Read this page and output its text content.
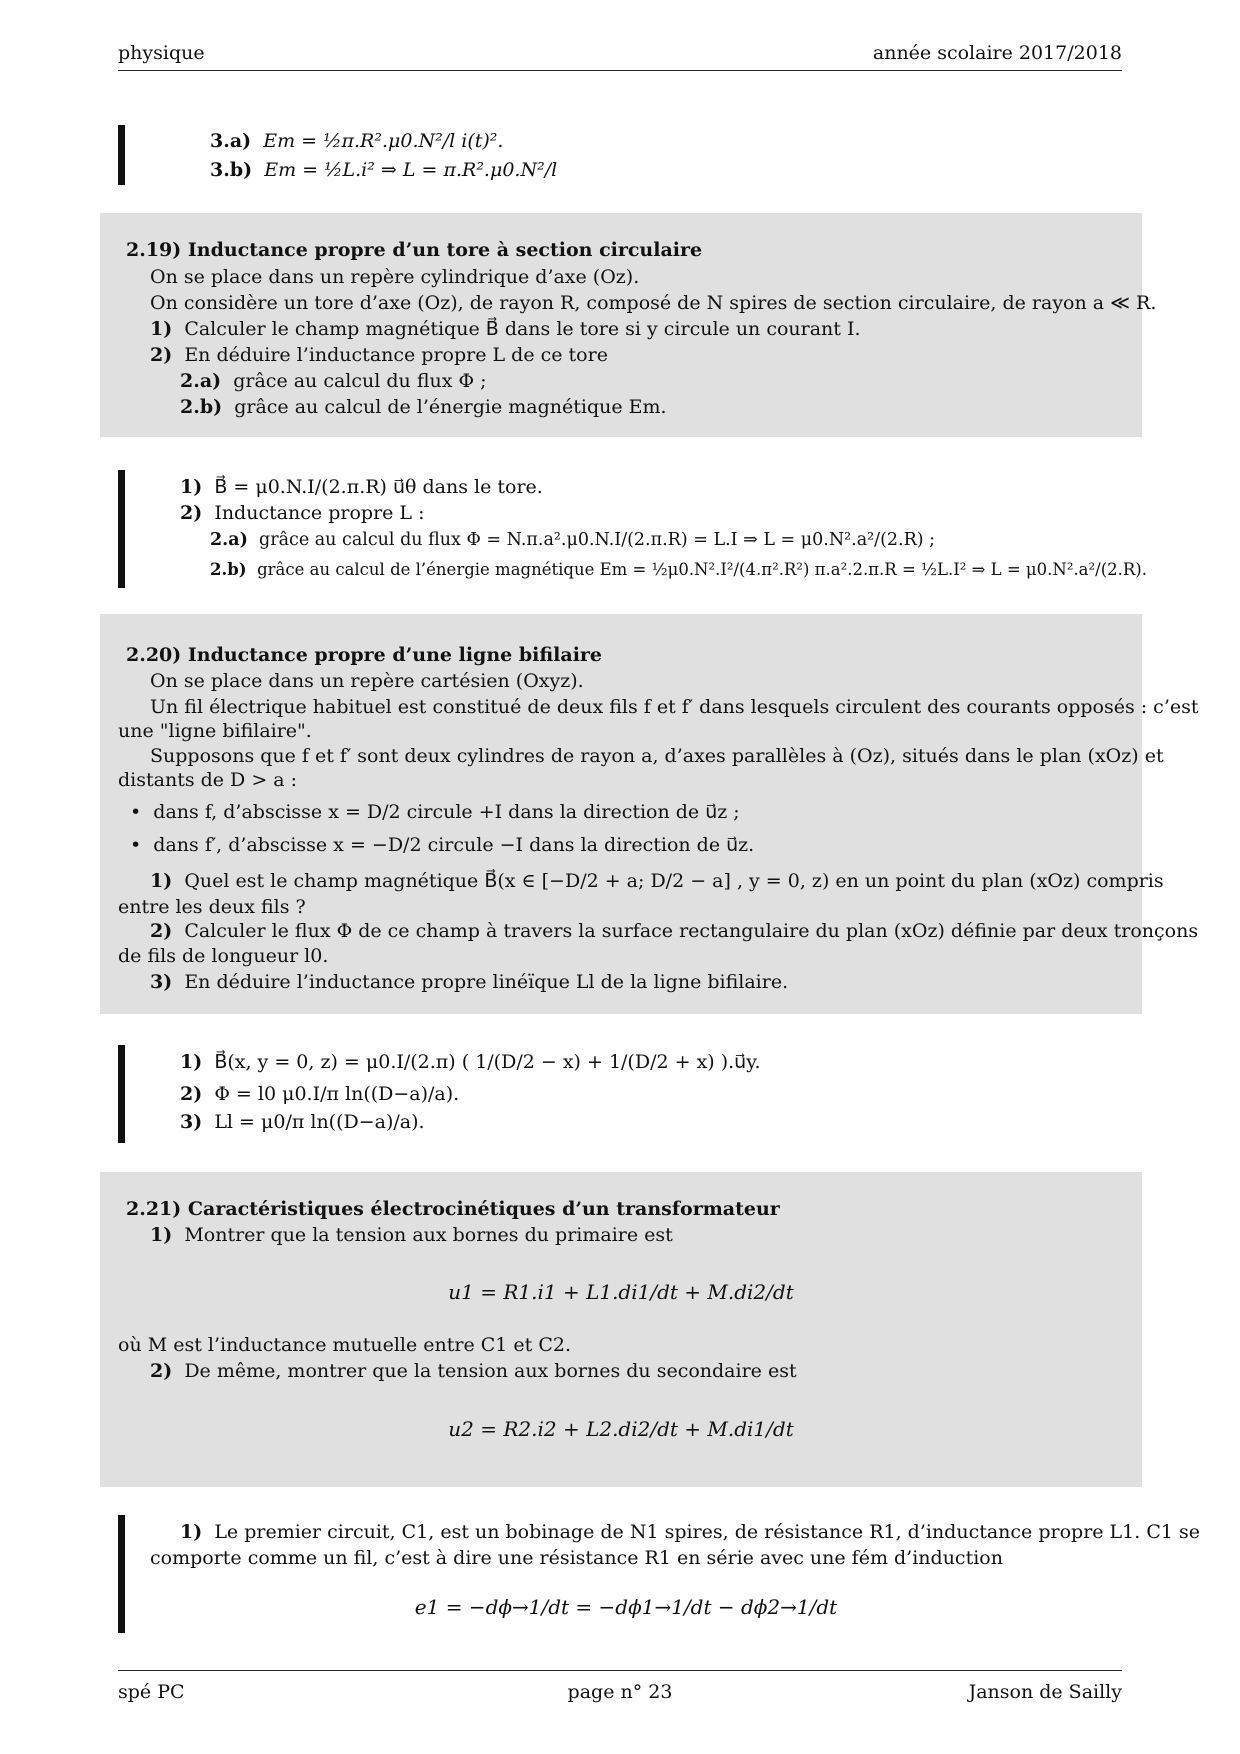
physique	année scolaire 2017/2018
3.a) Em = ½π.R².μ0.N²/l i(t)².
3.b) Em = ½L.i² ⇒ L = π.R².μ0.N²/l
2.19) Inductance propre d’un tore à section circulaire
On se place dans un repère cylindrique d’axe (Oz).
On considère un tore d’axe (Oz), de rayon R, composé de N spires de section circulaire, de rayon a ≪ R.
1) Calculer le champ magnétique B⃗ dans le tore si y circule un courant I.
2) En déduire l’inductance propre L de ce tore
2.a) grâce au calcul du flux Φ ;
2.b) grâce au calcul de l’énergie magnétique Em.
1) B⃗ = μ0.N.I/(2.π.R) u⃗θ dans le tore.
2) Inductance propre L :
2.a) grâce au calcul du flux Φ = N.π.a².μ0.N.I/(2.π.R) = L.I ⇒ L = μ0.N².a²/(2.R) ;
2.b) grâce au calcul de l’énergie magnétique Em = ½μ0.N².I²/(4.π².R²) π.a².2.π.R = ½L.I² ⇒ L = μ0.N².a²/(2.R).
2.20) Inductance propre d’une ligne bifilaire
On se place dans un repère cartésien (Oxyz).
Un fil électrique habituel est constitué de deux fils f et f′ dans lesquels circulent des courants opposés : c’est
une "ligne bifilaire".
Supposons que f et f′ sont deux cylindres de rayon a, d’axes parallèles à (Oz), situés dans le plan (xOz) et
distants de D > a :
•  dans f, d’abscisse x = D/2 circule +I dans la direction de u⃗z ;
•  dans f′, d’abscisse x = −D/2 circule −I dans la direction de u⃗z.
1) Quel est le champ magnétique B⃗(x ∈ [−D/2 + a; D/2 − a] , y = 0, z) en un point du plan (xOz) compris
entre les deux fils ?
2) Calculer le flux Φ de ce champ à travers la surface rectangulaire du plan (xOz) définie par deux tronçons
de fils de longueur l0.
3) En déduire l’inductance propre linéïque Ll de la ligne bifilaire.
1) B⃗(x, y = 0, z) = μ0.I/(2.π) ( 1/(D/2 − x) + 1/(D/2 + x) ).u⃗y.
2) Φ = l0 μ0.I/π ln((D−a)/a).
3) Ll = μ0/π ln((D−a)/a).
2.21) Caractéristiques électrocinétiques d’un transformateur
1) Montrer que la tension aux bornes du primaire est
u1 = R1.i1 + L1.di1/dt + M.di2/dt
où M est l’inductance mutuelle entre C1 et C2.
2) De même, montrer que la tension aux bornes du secondaire est
u2 = R2.i2 + L2.di2/dt + M.di1/dt
1) Le premier circuit, C1, est un bobinage de N1 spires, de résistance R1, d’inductance propre L1. C1 se
comporte comme un fil, c’est à dire une résistance R1 en série avec une fém d’induction
e1 = −dϕ→1/dt = −dϕ1→1/dt − dϕ2→1/dt
spé PC	page n° 23	Janson de Sailly
